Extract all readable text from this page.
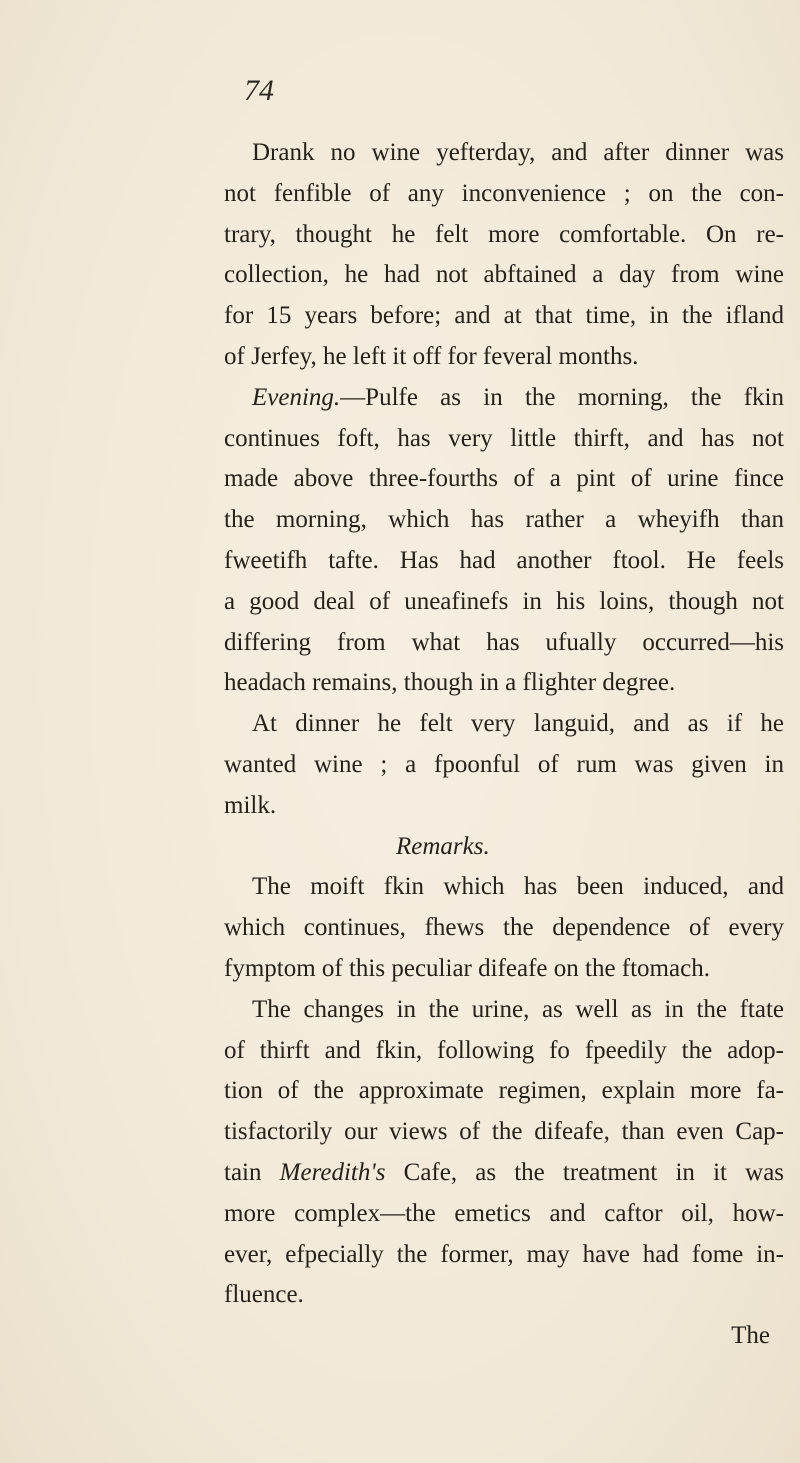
74
Drank no wine yefterday, and after dinner was
not fenfible of any inconvenience ; on the con-
trary, thought he felt more comfortable. On re-
collection, he had not abftained a day from wine
for 15 years before; and at that time, in the ifland
of Jerfey, he left it off for feveral months.
Evening.—Pulfe as in the morning, the fkin
continues foft, has very little thirft, and has not
made above three-fourths of a pint of urine fince
the morning, which has rather a wheyifh than
fweetifh tafte. Has had another ftool. He feels
a good deal of uneafinefs in his loins, though not
differing from what has ufually occurred—his
headach remains, though in a flighter degree.
At dinner he felt very languid, and as if he
wanted wine ; a fpoonful of rum was given in
milk.
Remarks.
The moift fkin which has been induced, and
which continues, fhews the dependence of every
fymptom of this peculiar difeafe on the ftomach.
The changes in the urine, as well as in the ftate
of thirft and fkin, following fo fpeedily the adop-
tion of the approximate regimen, explain more fa-
tisfactorily our views of the difeafe, than even Cap-
tain Meredith's Cafe, as the treatment in it was
more complex—the emetics and caftor oil, how-
ever, efpecially the former, may have had fome in-
fluence.
The
